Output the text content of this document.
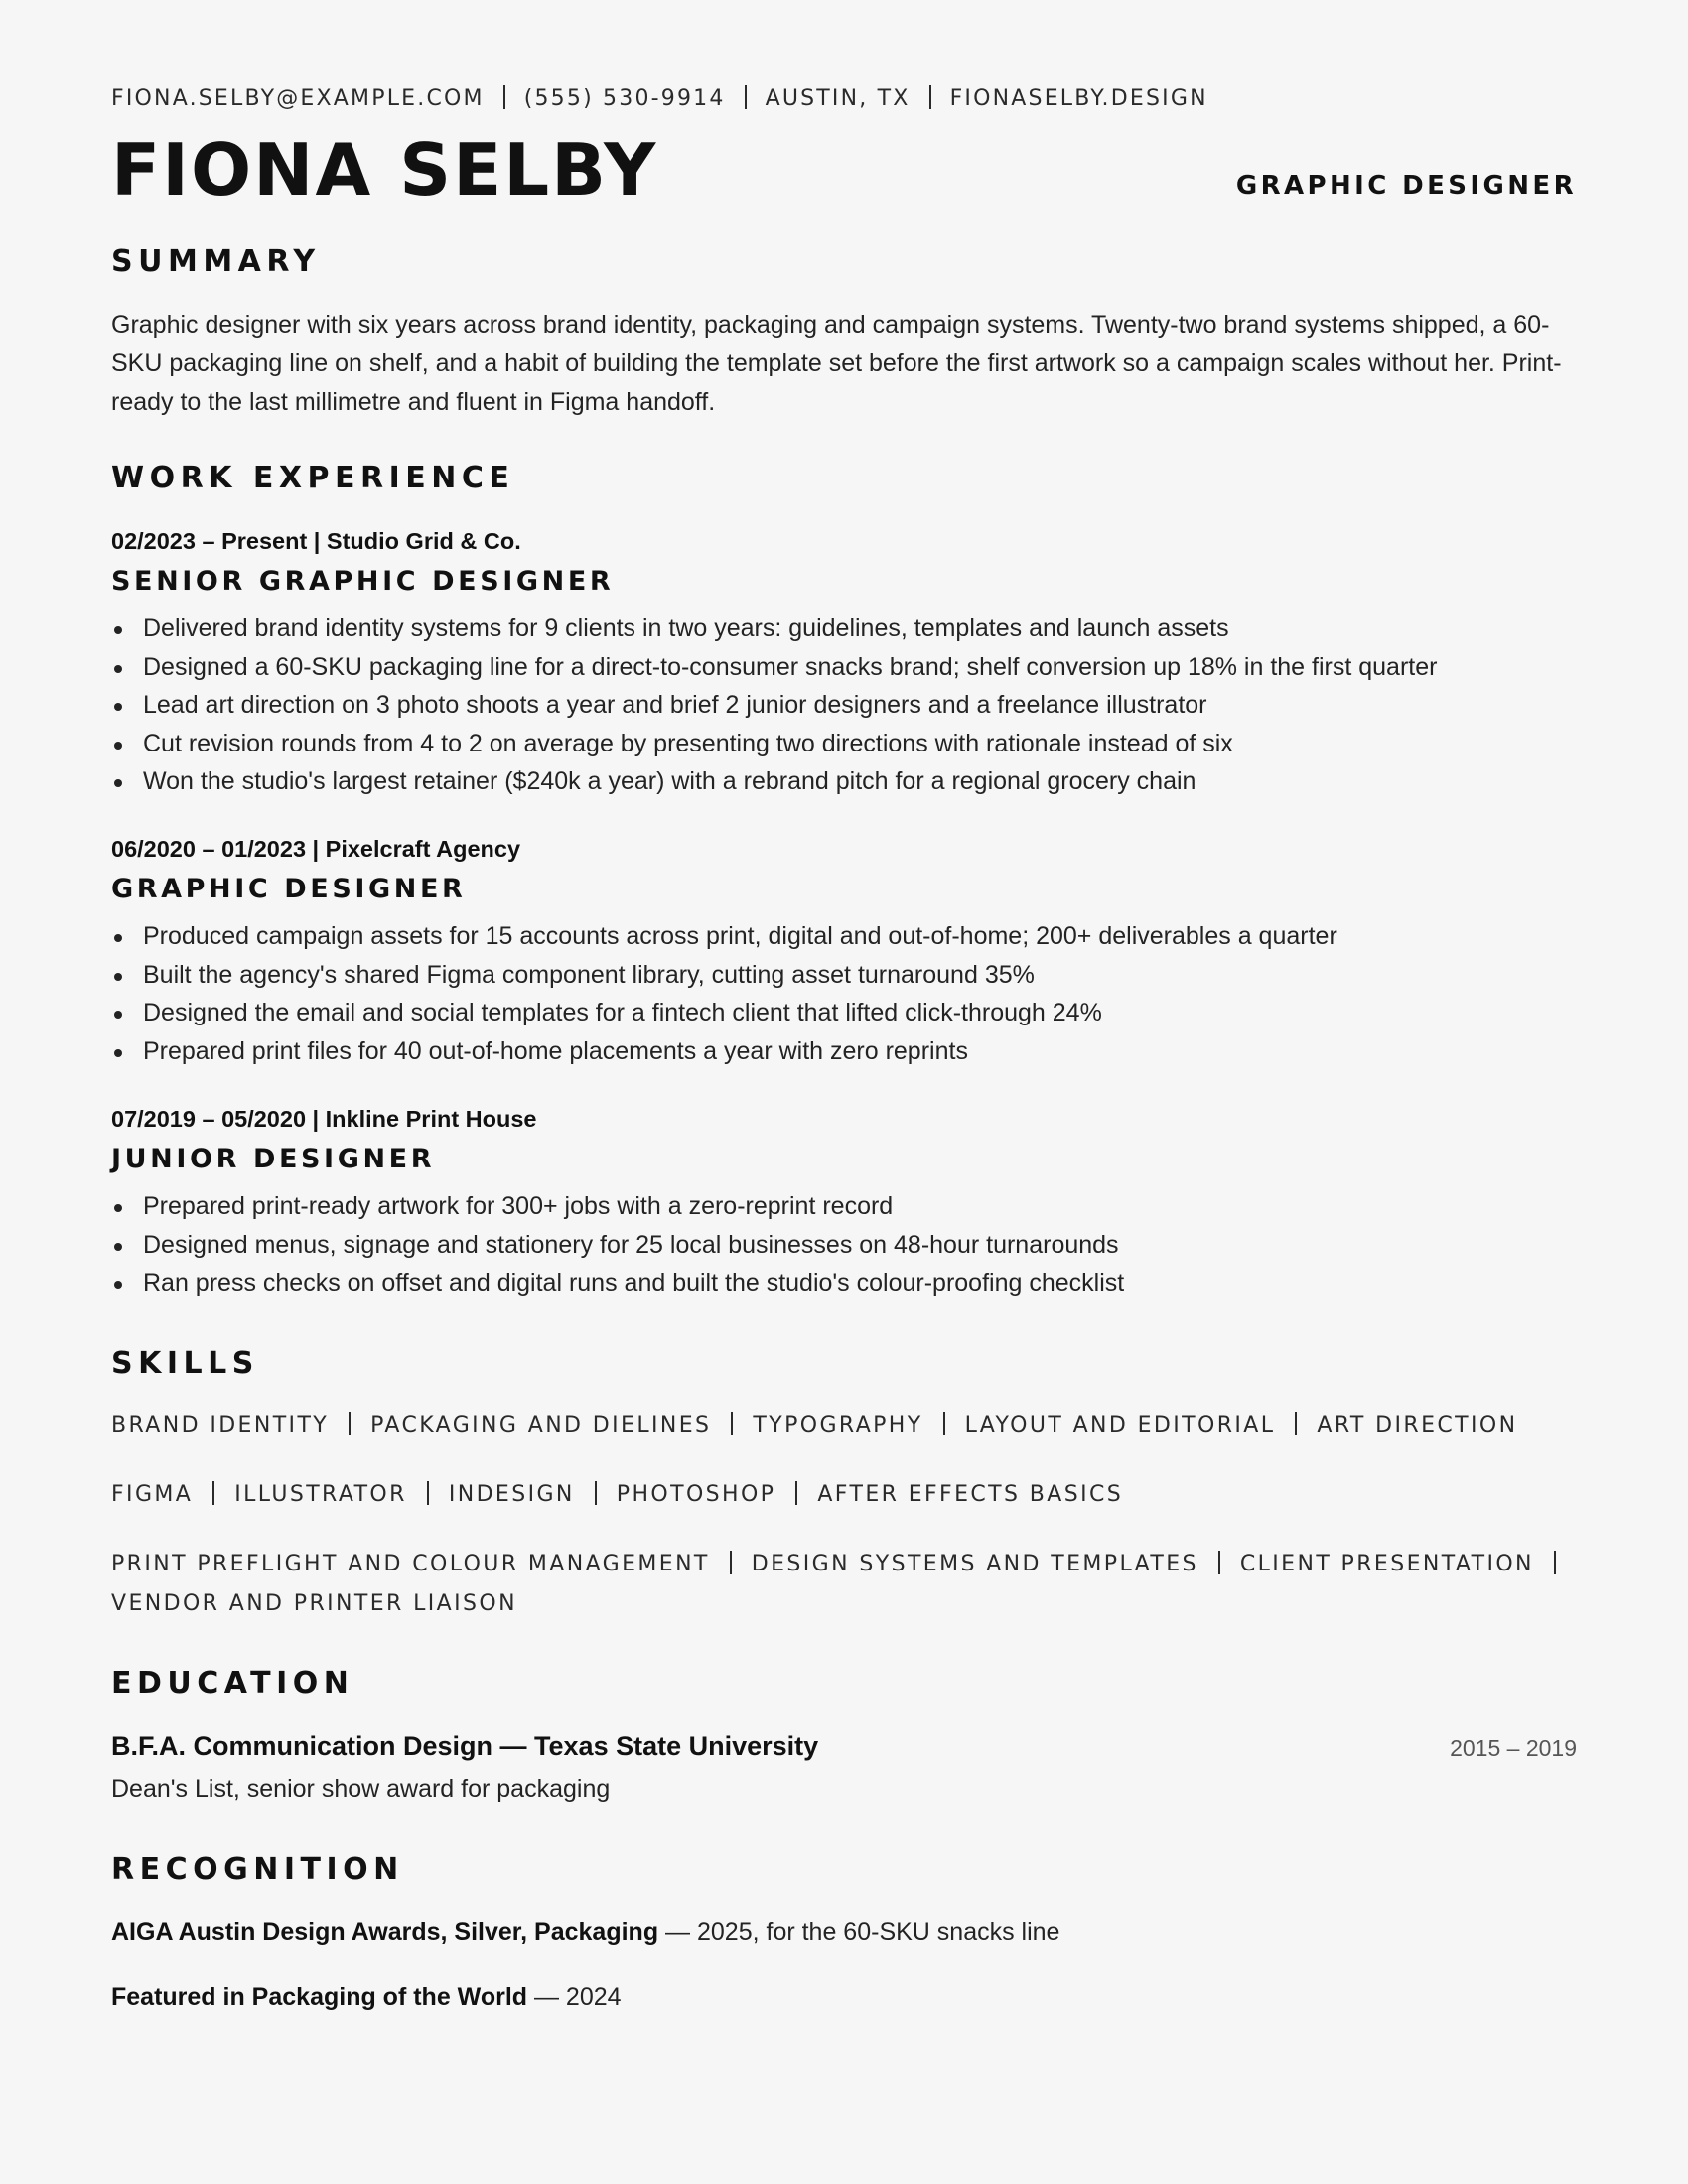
FIONA.SELBY@EXAMPLE.COM (555) 530-9914 AUSTIN, TX FIONASELBY.DESIGN
FIONA SELBY	GRAPHIC DESIGNER
SUMMARY

Graphic designer with six years across brand identity, packaging and campaign systems. Twenty-two brand systems shipped, a 60-SKU packaging line on shelf, and a habit of building the template set before the first artwork so a campaign scales without her. Print-ready to the last millimetre and fluent in Figma handoff.

WORK EXPERIENCE
02/2023 – Present | Studio Grid & Co.
SENIOR GRAPHIC DESIGNER
Delivered brand identity systems for 9 clients in two years: guidelines, templates and launch assets
Designed a 60-SKU packaging line for a direct-to-consumer snacks brand; shelf conversion up 18% in the first quarter
Lead art direction on 3 photo shoots a year and brief 2 junior designers and a freelance illustrator
Cut revision rounds from 4 to 2 on average by presenting two directions with rationale instead of six
Won the studio's largest retainer ($240k a year) with a rebrand pitch for a regional grocery chain
06/2020 – 01/2023 | Pixelcraft Agency
GRAPHIC DESIGNER
Produced campaign assets for 15 accounts across print, digital and out-of-home; 200+ deliverables a quarter
Built the agency's shared Figma component library, cutting asset turnaround 35%
Designed the email and social templates for a fintech client that lifted click-through 24%
Prepared print files for 40 out-of-home placements a year with zero reprints
07/2019 – 05/2020 | Inkline Print House
JUNIOR DESIGNER
Prepared print-ready artwork for 300+ jobs with a zero-reprint record
Designed menus, signage and stationery for 25 local businesses on 48-hour turnarounds
Ran press checks on offset and digital runs and built the studio's colour-proofing checklist
SKILLS
BRAND IDENTITY PACKAGING AND DIELINES TYPOGRAPHY LAYOUT AND EDITORIAL ART DIRECTION
FIGMA ILLUSTRATOR INDESIGN PHOTOSHOP AFTER EFFECTS BASICS
PRINT PREFLIGHT AND COLOUR MANAGEMENT DESIGN SYSTEMS AND TEMPLATES CLIENT PRESENTATIONVENDOR AND PRINTER LIAISON
EDUCATION
B.F.A. Communication Design — Texas State University	2015 – 2019
Dean's List, senior show award for packaging
RECOGNITION
AIGA Austin Design Awards, Silver, Packaging — 2025, for the 60-SKU snacks line
Featured in Packaging of the World — 2024
